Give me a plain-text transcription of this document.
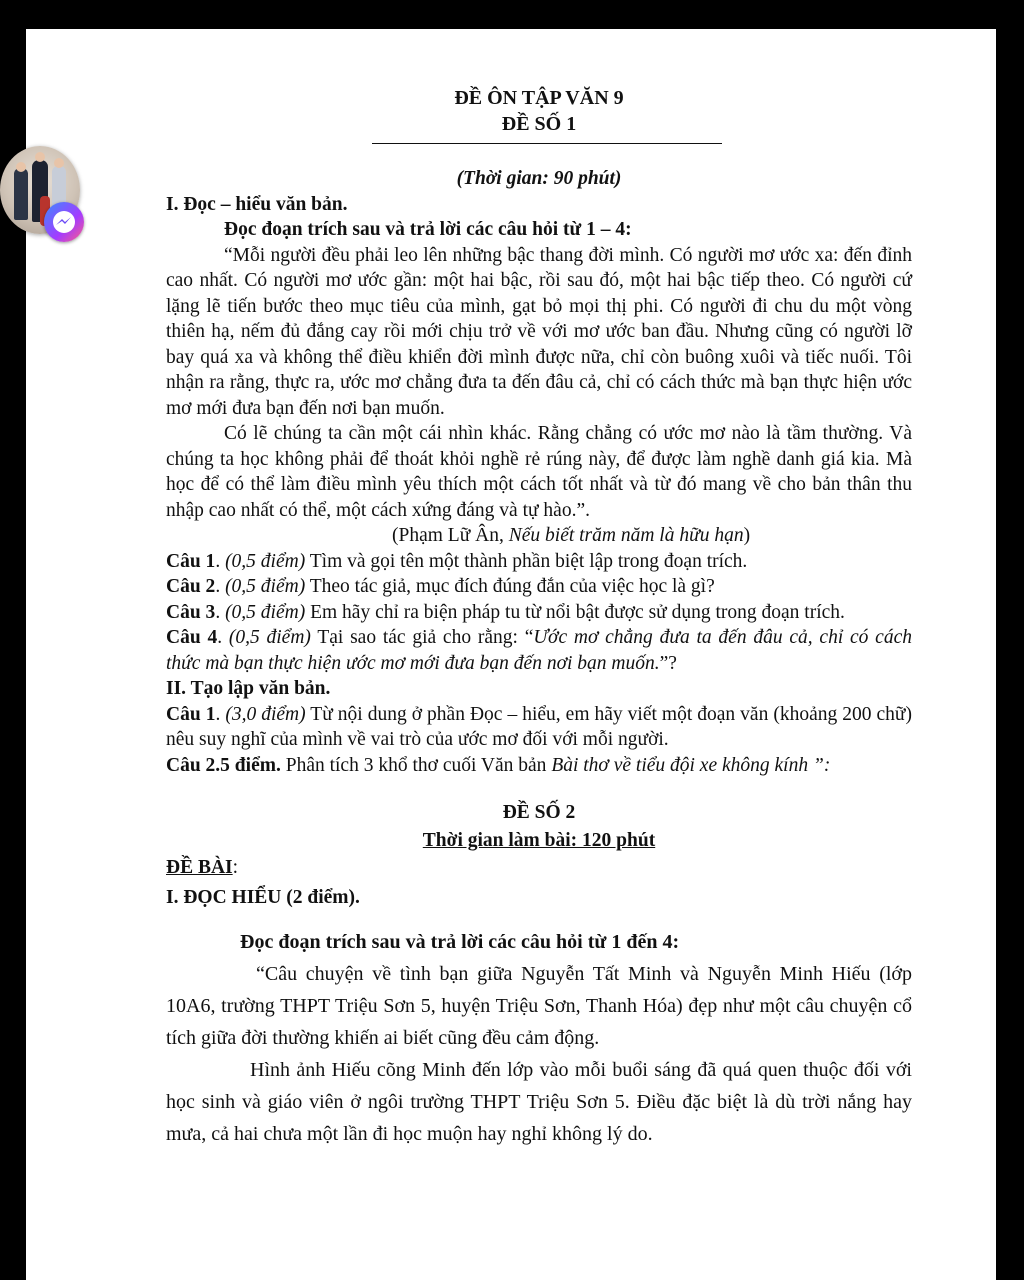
ĐỀ ÔN TẬP VĂN 9

ĐỀ SỐ 1

(Thời gian: 90 phút)

I. Đọc – hiểu văn bản.

Đọc đoạn trích sau và trả lời các câu hỏi từ 1 – 4:

“Mỗi người đều phải leo lên những bậc thang đời mình. Có người mơ ước xa: đến đỉnh cao nhất. Có người mơ ước gần: một hai bậc, rồi sau đó, một hai bậc tiếp theo. Có người cứ lặng lẽ tiến bước theo mục tiêu của mình, gạt bỏ mọi thị phi. Có người đi chu du một vòng thiên hạ, nếm đủ đắng cay rồi mới chịu trở về với mơ ước ban đầu. Nhưng cũng có người lỡ bay quá xa và không thể điều khiển đời mình được nữa, chỉ còn buông xuôi và tiếc nuối. Tôi nhận ra rằng, thực ra, ước mơ chẳng đưa ta đến đâu cả, chỉ có cách thức mà bạn thực hiện ước mơ mới đưa bạn đến nơi bạn muốn.

Có lẽ chúng ta cần một cái nhìn khác. Rằng chẳng có ước mơ nào là tầm thường. Và chúng ta học không phải để thoát khỏi nghề rẻ rúng này, để được làm nghề danh giá kia. Mà học để có thể làm điều mình yêu thích một cách tốt nhất và từ đó mang về cho bản thân thu nhập cao nhất có thể, một cách xứng đáng và tự hào.”.

(Phạm Lữ Ân, Nếu biết trăm năm là hữu hạn)

Câu 1. (0,5 điểm) Tìm và gọi tên một thành phần biệt lập trong đoạn trích.

Câu 2. (0,5 điểm) Theo tác giả, mục đích đúng đắn của việc học là gì?

Câu 3. (0,5 điểm) Em hãy chỉ ra biện pháp tu từ nổi bật được sử dụng trong đoạn trích.

Câu 4. (0,5 điểm) Tại sao tác giả cho rằng: “Ước mơ chẳng đưa ta đến đâu cả, chỉ có cách thức mà bạn thực hiện ước mơ mới đưa bạn đến nơi bạn muốn.”?

II. Tạo lập văn bản.

Câu 1. (3,0 điểm) Từ nội dung ở phần Đọc – hiểu, em hãy viết một đoạn văn (khoảng 200 chữ) nêu suy nghĩ của mình về vai trò của ước mơ đối với mỗi người.

Câu 2.5 điểm. Phân tích 3 khổ thơ cuối Văn bản Bài thơ về tiểu đội xe không kính ”:

ĐỀ SỐ 2

Thời gian làm bài: 120 phút

ĐỀ BÀI:

I. ĐỌC HIỂU (2 điểm).

Đọc đoạn trích sau và trả lời các câu hỏi từ 1 đến 4:

“Câu chuyện về tình bạn giữa Nguyễn Tất Minh và Nguyễn Minh Hiếu (lớp 10A6, trường THPT Triệu Sơn 5, huyện Triệu Sơn, Thanh Hóa) đẹp như một câu chuyện cổ tích giữa đời thường khiến ai biết cũng đều cảm động.

Hình ảnh Hiếu cõng Minh đến lớp vào mỗi buổi sáng đã quá quen thuộc đối với học sinh và giáo viên ở ngôi trường THPT Triệu Sơn 5. Điều đặc biệt là dù trời nắng hay mưa, cả hai chưa một lần đi học muộn hay nghỉ không lý do.
